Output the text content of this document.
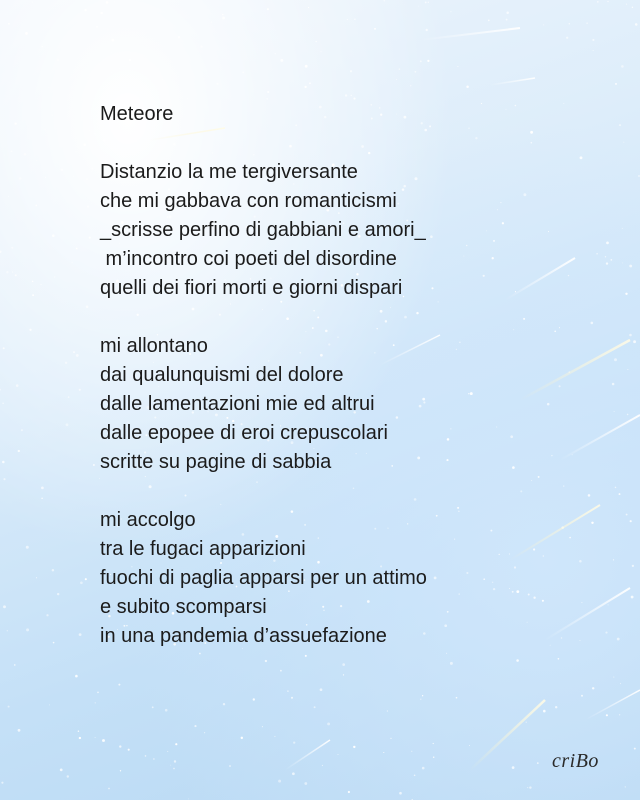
Meteore
Distanzio la me tergiversante
che mi gabbava con romanticismi
_scrisse perfino di gabbiani e amori_
m’incontro coi poeti del disordine
quelli dei fiori morti e giorni dispari
mi allontano
dai qualunquismi del dolore
dalle lamentazioni mie ed altrui
dalle epopee di eroi crepuscolari
scritte su pagine di sabbia
mi accolgo
tra le fugaci apparizioni
fuochi di paglia apparsi per un attimo
e subito scomparsi
in una pandemia d’assuefazione
criBo
